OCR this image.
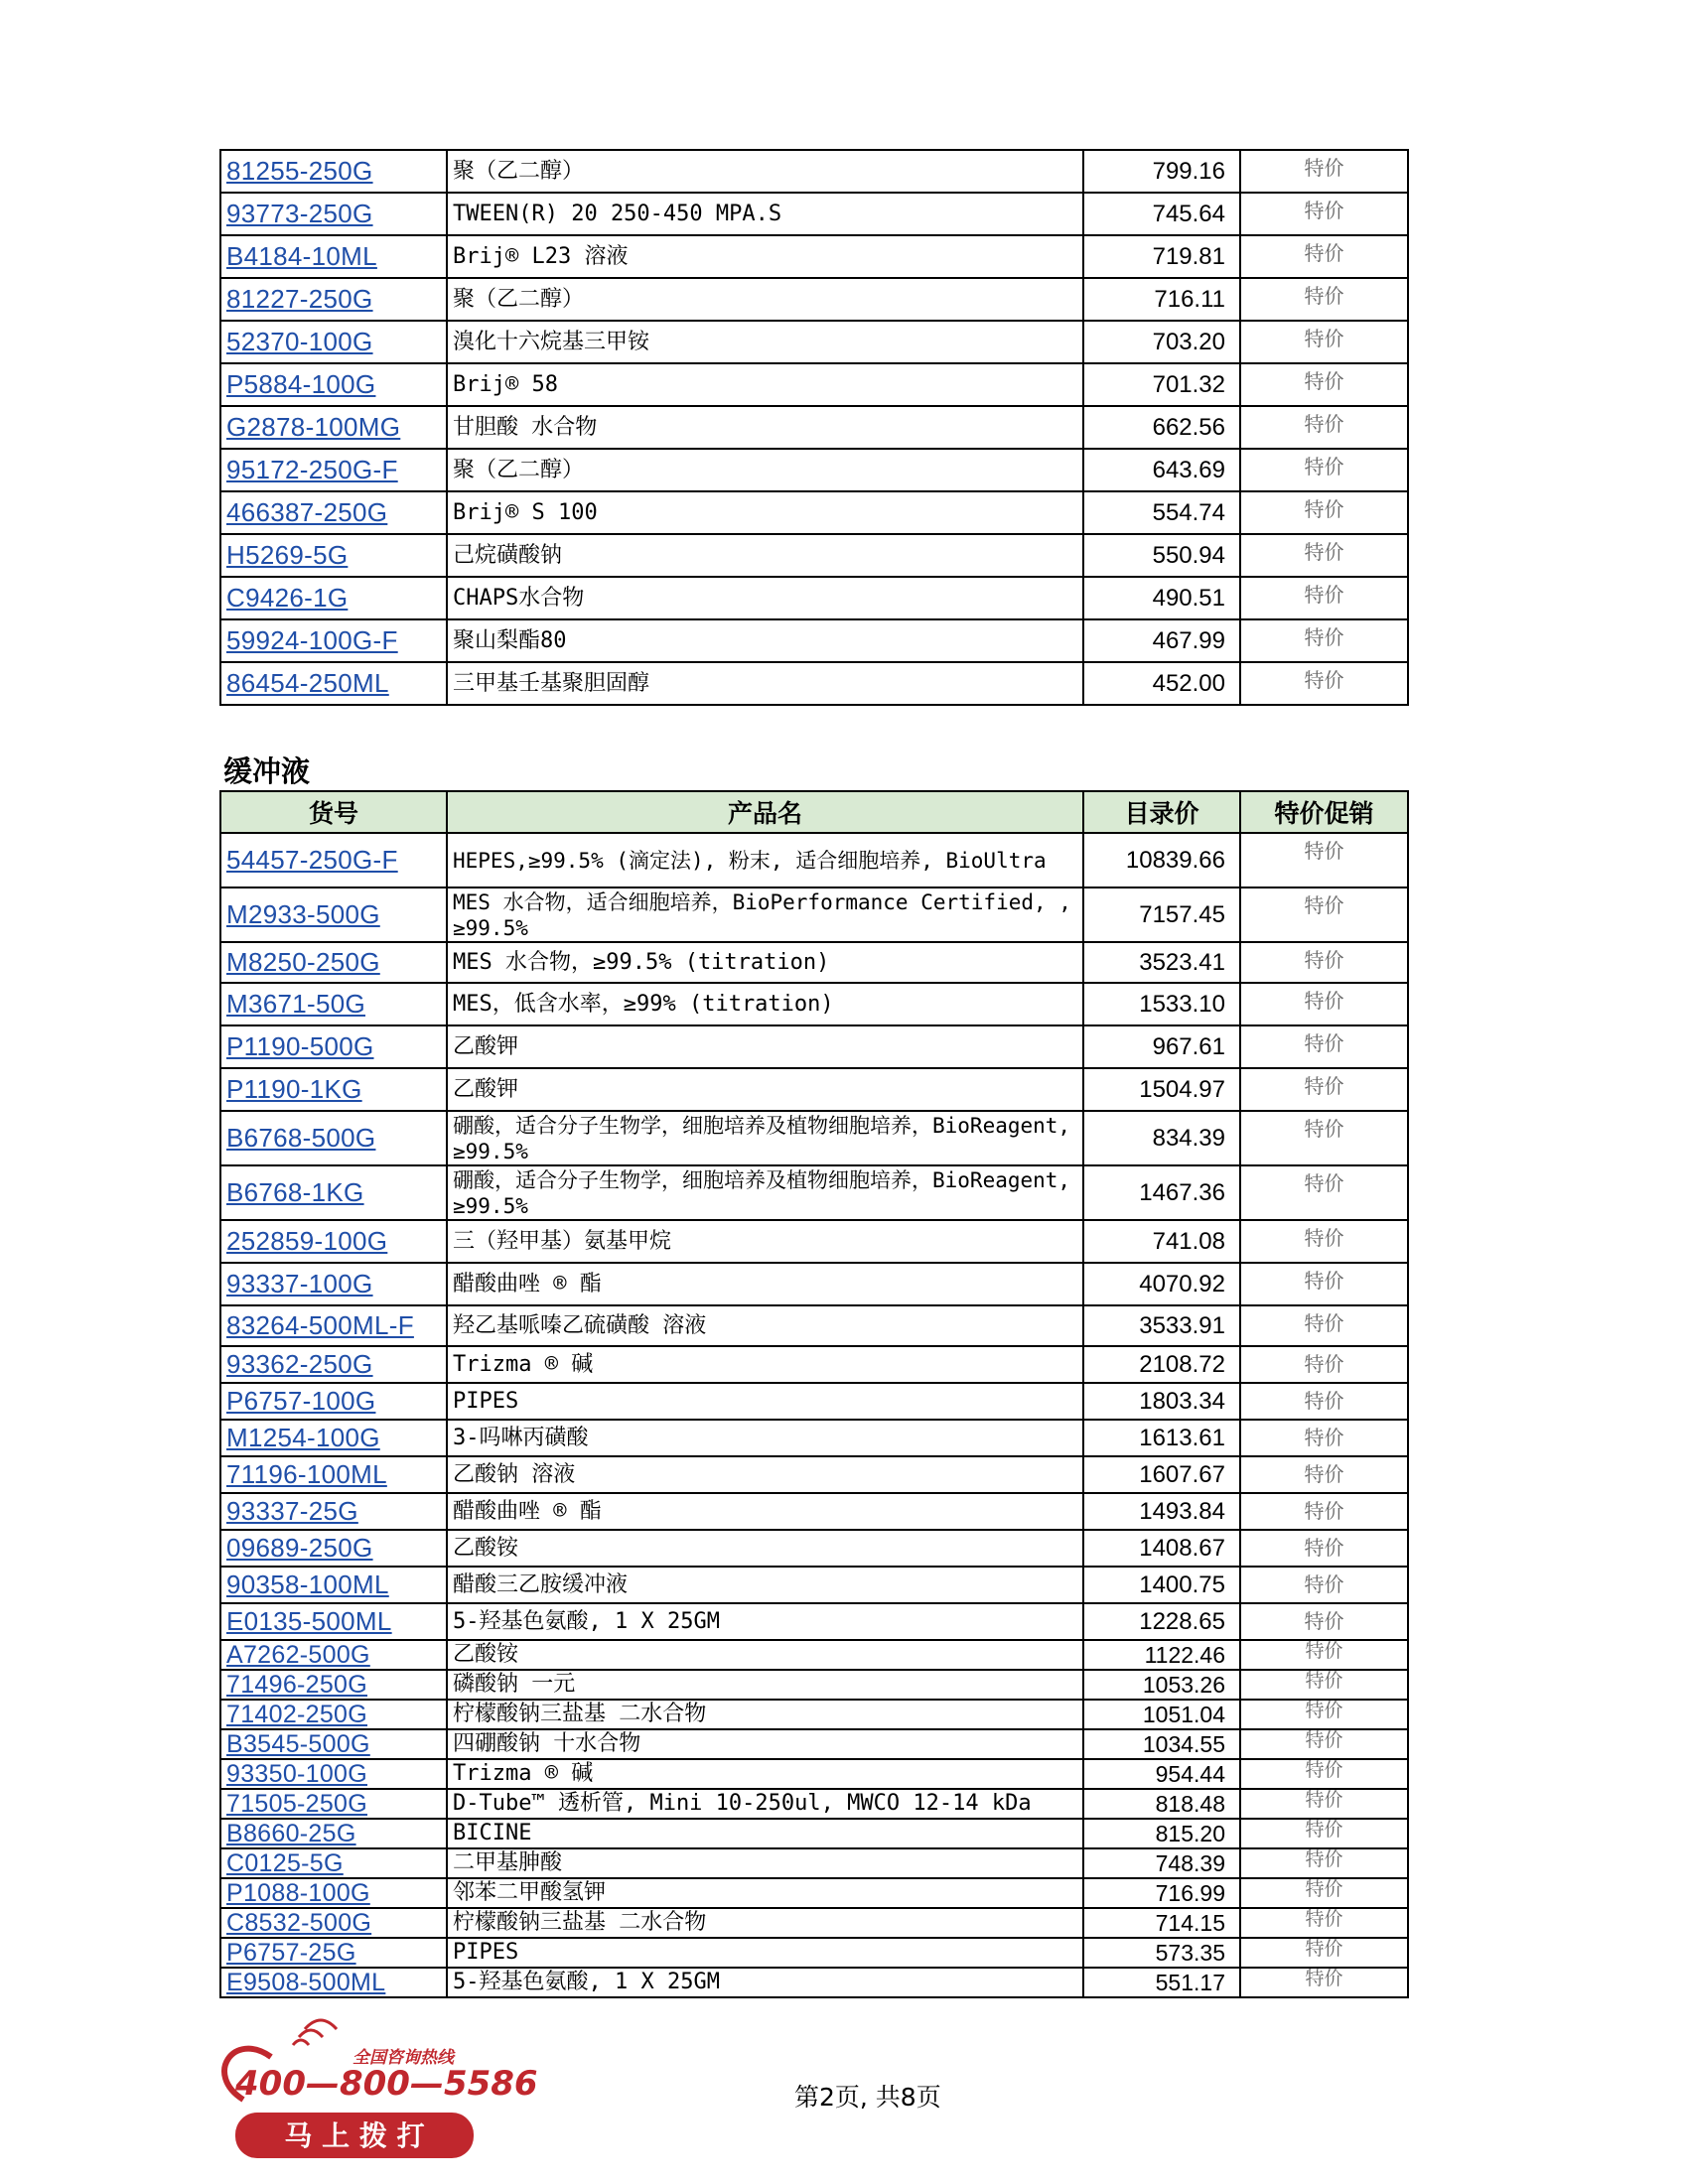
81255-250G	聚（乙二醇）	799.16	特价
93773-250G	TWEEN(R) 20 250-450 MPA.S	745.64	特价
B4184-10ML	Brij® L23 溶液	719.81	特价
81227-250G	聚（乙二醇）	716.11	特价
52370-100G	溴化十六烷基三甲铵	703.20	特价
P5884-100G	Brij® 58	701.32	特价
G2878-100MG	甘胆酸 水合物	662.56	特价
95172-250G-F	聚（乙二醇）	643.69	特价
466387-250G	Brij® S 100	554.74	特价
H5269-5G	己烷磺酸钠	550.94	特价
C9426-1G	CHAPS水合物	490.51	特价
59924-100G-F	聚山梨酯80	467.99	特价
86454-250ML	三甲基壬基聚胆固醇	452.00	特价
缓冲液
货号	产品名	目录价	特价促销
54457-250G-F	HEPES,≥99.5% (滴定法), 粉末, 适合细胞培养, BioUltra	10839.66	特价
M2933-500G	MES 水合物，适合细胞培养，BioPerformance Certified, , ≥99.5%	7157.45	特价
M8250-250G	MES 水合物，≥99.5% (titration)	3523.41	特价
M3671-50G	MES，低含水率，≥99% (titration)	1533.10	特价
P1190-500G	乙酸钾	967.61	特价
P1190-1KG	乙酸钾	1504.97	特价
B6768-500G	硼酸，适合分子生物学，细胞培养及植物细胞培养，BioReagent, ≥99.5%	834.39	特价
B6768-1KG	硼酸，适合分子生物学，细胞培养及植物细胞培养，BioReagent, ≥99.5%	1467.36	特价
252859-100G	三（羟甲基）氨基甲烷	741.08	特价
93337-100G	醋酸曲唑 ® 酯	4070.92	特价
83264-500ML-F	羟乙基哌嗪乙硫磺酸 溶液	3533.91	特价
93362-250G	Trizma ® 碱	2108.72	特价
P6757-100G	PIPES	1803.34	特价
M1254-100G	3-吗啉丙磺酸	1613.61	特价
71196-100ML	乙酸钠 溶液	1607.67	特价
93337-25G	醋酸曲唑 ® 酯	1493.84	特价
09689-250G	乙酸铵	1408.67	特价
90358-100ML	醋酸三乙胺缓冲液	1400.75	特价
E0135-500ML	5-羟基色氨酸, 1 X 25GM	1228.65	特价
A7262-500G	乙酸铵	1122.46	特价
71496-250G	磷酸钠 一元	1053.26	特价
71402-250G	柠檬酸钠三盐基 二水合物	1051.04	特价
B3545-500G	四硼酸钠 十水合物	1034.55	特价
93350-100G	Trizma ® 碱	954.44	特价
71505-250G	D-Tube™ 透析管, Mini 10-250ul, MWCO 12-14 kDa	818.48	特价
B8660-25G	BICINE	815.20	特价
C0125-5G	二甲基胂酸	748.39	特价
P1088-100G	邻苯二甲酸氢钾	716.99	特价
C8532-500G	柠檬酸钠三盐基 二水合物	714.15	特价
P6757-25G	PIPES	573.35	特价
E9508-500ML	5-羟基色氨酸, 1 X 25GM	551.17	特价
全国咨询热线
400—800—5586
马 上 拨 打
第2页, 共8页
